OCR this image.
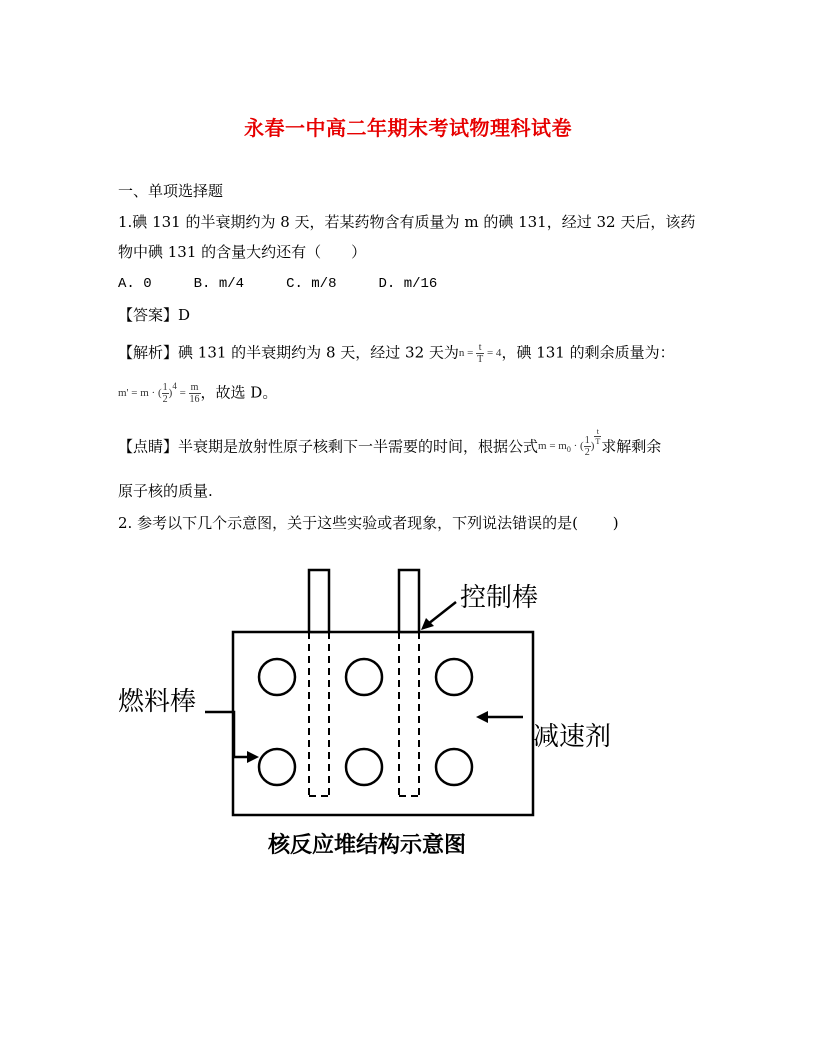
永春一中高二年期末考试物理科试卷
一、单项选择题
1.碘 131 的半衰期约为 8 天，若某药物含有质量为 m 的碘 131，经过 32 天后，该药
物中碘 131 的含量大约还有（　　）
A. 0	B. m/4	C. m/8	D. m/16
【答案】D
【解析】碘 131 的半衰期约为 8 天，经过 32 天为$n = \frac{t}{T} = 4$，碘 131 的剩余质量为：
m' = m · ( $\frac{1}{2} )^4 = \frac{m}{16}$ ，故选 D。
【点睛】半衰期是放射性原子核剩下一半需要的时间，根据公式$m = m_0$ · ( $\frac{1}{2}$ )
$\frac{t}{T}$
求解剩余
原子核的质量.
2. 参考以下几个示意图，关于这些实验或者现象，下列说法错误的是(　　 )
控制棒
燃料棒
减速剂
核反应堆结构示意图
